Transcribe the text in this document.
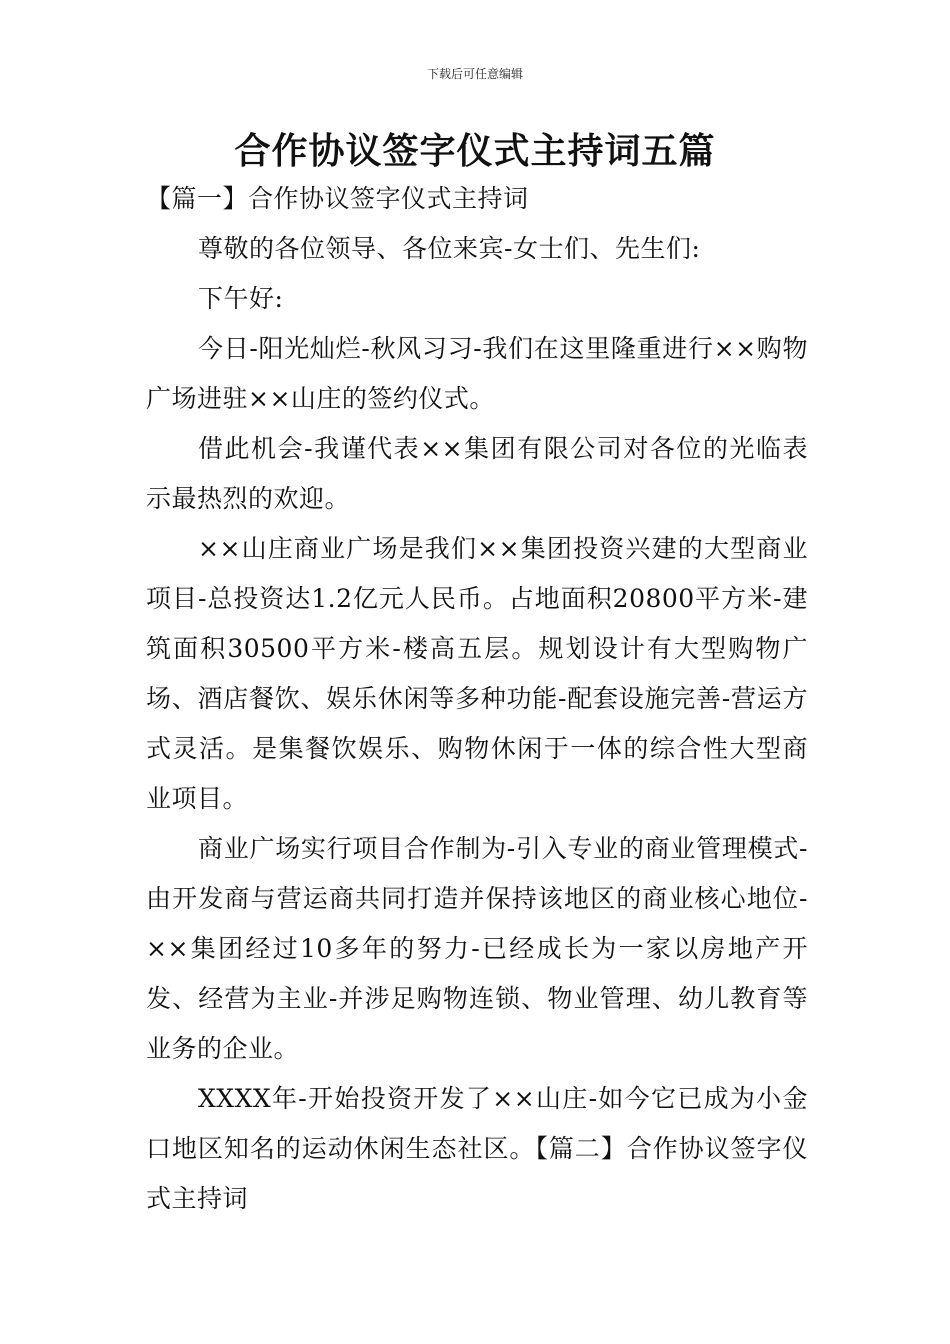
下载后可任意编辑
合作协议签字仪式主持词五篇
【篇一】合作协议签字仪式主持词

尊敬的各位领导、各位来宾-女士们、先生们:

下午好:

今日-阳光灿烂-秋风习习-我们在这里隆重进行××购物广场进驻××山庄的签约仪式。

借此机会-我谨代表××集团有限公司对各位的光临表示最热烈的欢迎。

××山庄商业广场是我们××集团投资兴建的大型商业项目-总投资达1.2亿元人民币。占地面积20800平方米-建筑面积30500平方米-楼高五层。规划设计有大型购物广场、酒店餐饮、娱乐休闲等多种功能-配套设施完善-营运方式灵活。是集餐饮娱乐、购物休闲于一体的综合性大型商业项目。

商业广场实行项目合作制为-引入专业的商业管理模式-由开发商与营运商共同打造并保持该地区的商业核心地位-××集团经过10多年的努力-已经成长为一家以房地产开发、经营为主业-并涉足购物连锁、物业管理、幼儿教育等业务的企业。

XXXX年-开始投资开发了××山庄-如今它已成为小金口地区知名的运动休闲生态社区。【篇二】合作协议签字仪式主持词
